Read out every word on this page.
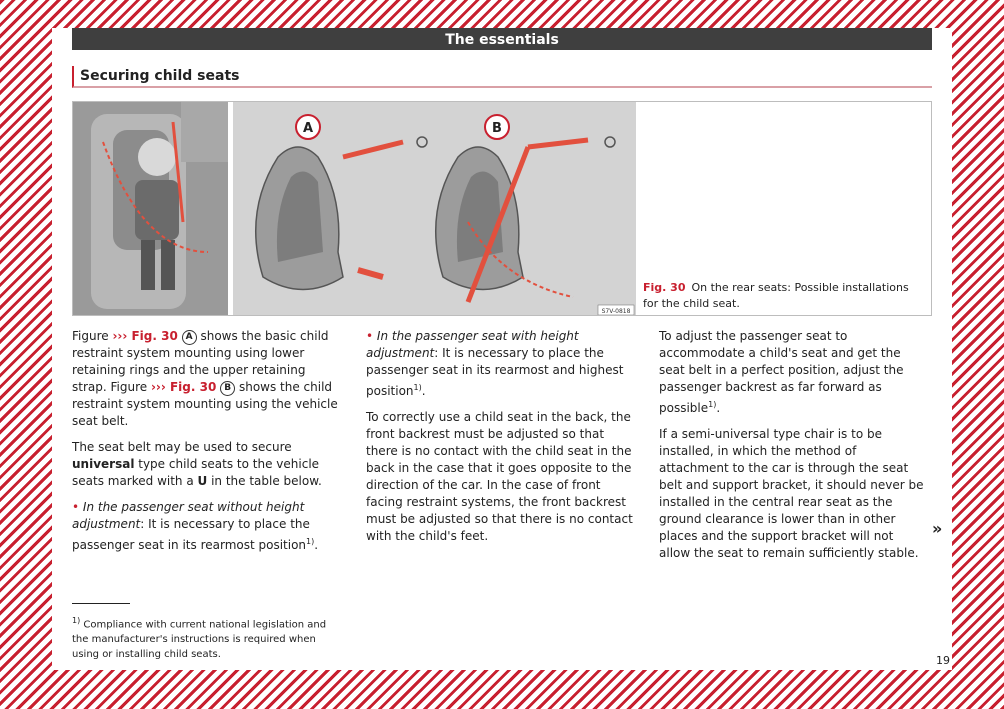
The essentials
Securing child seats
A	B
S7V-0818
Fig. 30 On the rear seats: Possible installations for the child seat.

Figure ››› Fig. 30 A shows the basic child restraint system mounting using lower retaining rings and the upper retaining strap. Figure ››› Fig. 30 B shows the child restraint system mounting using the vehicle seat belt.

The seat belt may be used to secure universal type child seats to the vehicle seats marked with a U in the table below.

• In the passenger seat without height adjustment: It is necessary to place the passenger seat in its rearmost position$^{1)}$.

• In the passenger seat with height adjustment: It is necessary to place the passenger seat in its rearmost and highest position$^{1)}$.

To correctly use a child seat in the back, the front backrest must be adjusted so that there is no contact with the child seat in the back in the case that it goes opposite to the direction of the car. In the case of front facing restraint systems, the front backrest must be adjusted so that there is no contact with the child's feet.

To adjust the passenger seat to accommodate a child's seat and get the seat belt in a perfect position, adjust the passenger backrest as far forward as possible$^{1)}$.

If a semi-universal type chair is to be installed, in which the method of attachment to the car is through the seat belt and support bracket, it should never be installed in the central rear seat as the ground clearance is lower than in other places and the support bracket will not allow the seat to remain sufficiently stable.

»
$^{1)}$ Compliance with current national legislation and the manufacturer's instructions is required when using or installing child seats.	19
